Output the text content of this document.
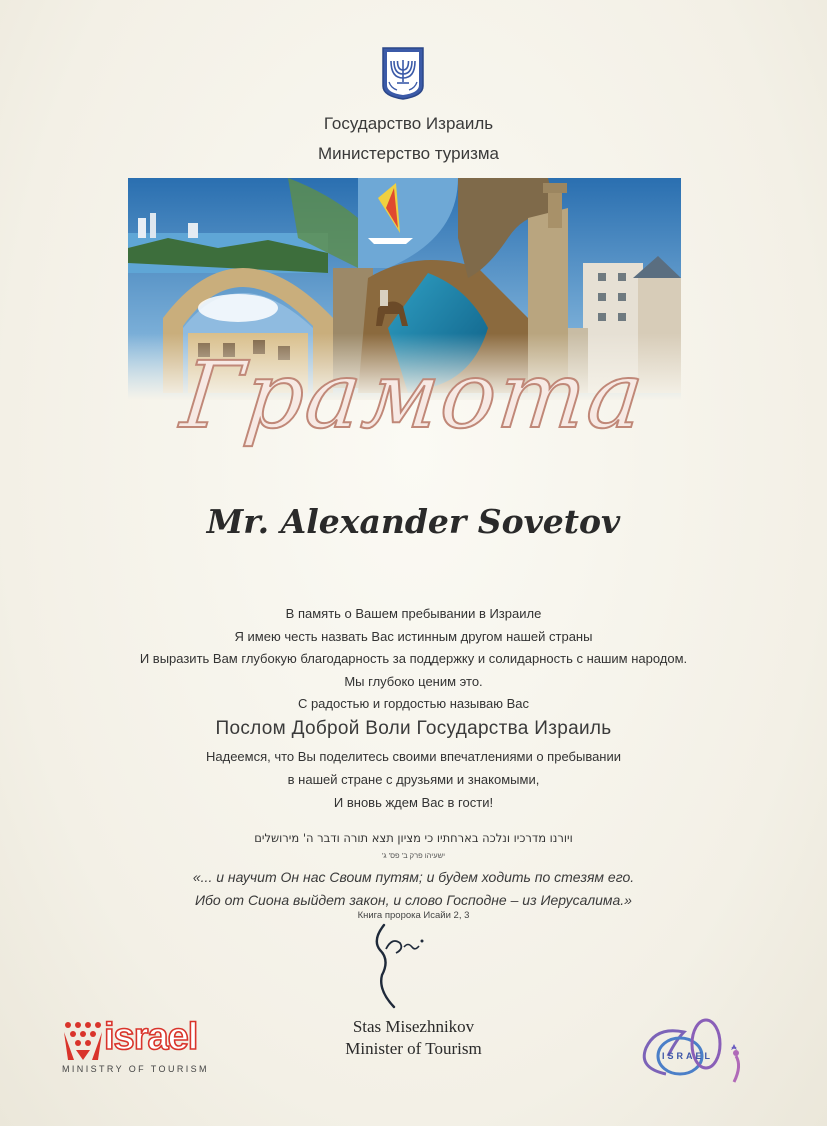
Государство Израиль
Министерство туризма
Грамота
Mr. Alexander Sovetov
В память о Вашем пребывании в Израиле
Я имею честь назвать Вас истинным другом нашей страны
И выразить Вам глубокую благодарность за поддержку и солидарность с нашим народом.
Мы глубоко ценим это.
С радостью и гордостью называю Вас
Послом Доброй Воли Государства Израиль
Надеемся, что Вы поделитесь своими впечатлениями о пребывании
в нашей стране с друзьями и знакомыми,
И вновь ждем Вас в гости!
ויורנו מדרכיו ונלכה בארחתיו כי מציון תצא תורה ודבר ה' מירושלים
ישעיהו פרק ב' פס' ג'
«... и научит Он нас Своим путям; и будем ходить по стезям его.
Ибо от Сиона выйдет закон, и слово Господне – из Иерусалима.»
Книга пророка Исайи 2, 3
Stas Misezhnikov
Minister of Tourism
israel
MINISTRY OF TOURISM
ISRAEL
